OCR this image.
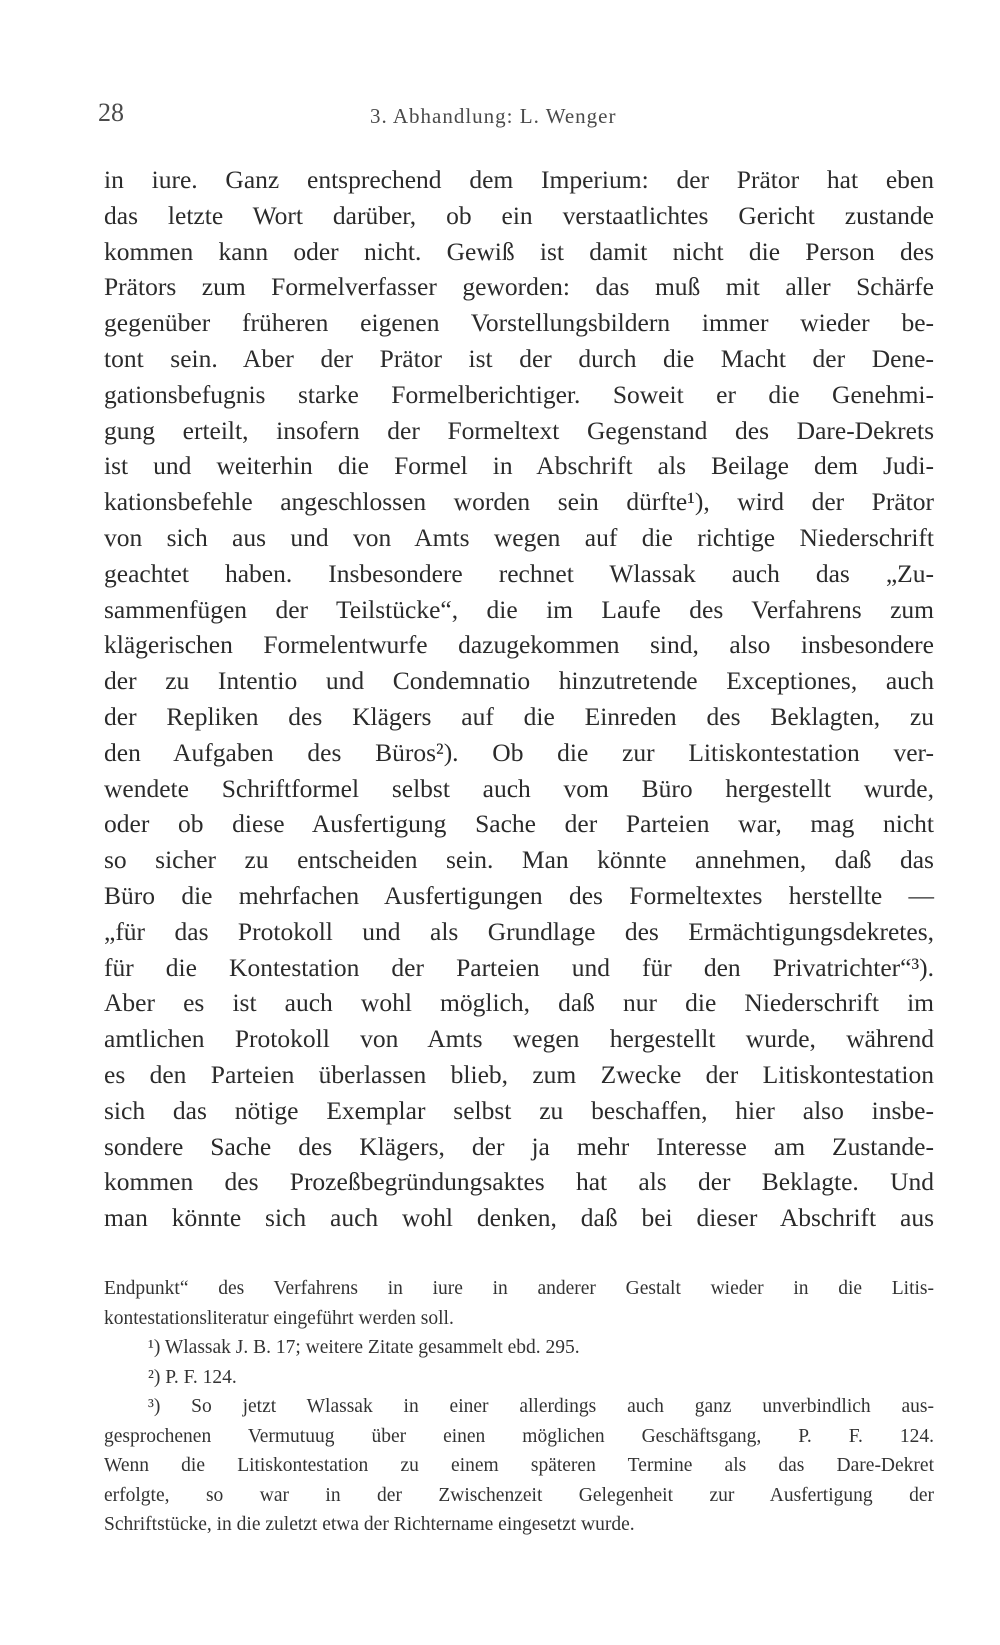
28	3. Abhandlung: L. Wenger
in iure. Ganz entsprechend dem Imperium: der Prätor hat eben
das letzte Wort darüber, ob ein verstaatlichtes Gericht zustande
kommen kann oder nicht. Gewiß ist damit nicht die Person des
Prätors zum Formelverfasser geworden: das muß mit aller Schärfe
gegenüber früheren eigenen Vorstellungsbildern immer wieder be-
tont sein. Aber der Prätor ist der durch die Macht der Dene-
gationsbefugnis starke Formelberichtiger. Soweit er die Genehmi-
gung erteilt, insofern der Formeltext Gegenstand des Dare-Dekrets
ist und weiterhin die Formel in Abschrift als Beilage dem Judi-
kationsbefehle angeschlossen worden sein dürfte¹), wird der Prätor
von sich aus und von Amts wegen auf die richtige Niederschrift
geachtet haben. Insbesondere rechnet Wlassak auch das „Zu-
sammenfügen der Teilstücke“, die im Laufe des Verfahrens zum
klägerischen Formelentwurfe dazugekommen sind, also insbesondere
der zu Intentio und Condemnatio hinzutretende Exceptiones, auch
der Repliken des Klägers auf die Einreden des Beklagten, zu
den Aufgaben des Büros²). Ob die zur Litiskontestation ver-
wendete Schriftformel selbst auch vom Büro hergestellt wurde,
oder ob diese Ausfertigung Sache der Parteien war, mag nicht
so sicher zu entscheiden sein. Man könnte annehmen, daß das
Büro die mehrfachen Ausfertigungen des Formeltextes herstellte —
„für das Protokoll und als Grundlage des Ermächtigungsdekretes,
für die Kontestation der Parteien und für den Privatrichter“³).
Aber es ist auch wohl möglich, daß nur die Niederschrift im
amtlichen Protokoll von Amts wegen hergestellt wurde, während
es den Parteien überlassen blieb, zum Zwecke der Litiskontestation
sich das nötige Exemplar selbst zu beschaffen, hier also insbe-
sondere Sache des Klägers, der ja mehr Interesse am Zustande-
kommen des Prozeßbegründungsaktes hat als der Beklagte. Und
man könnte sich auch wohl denken, daß bei dieser Abschrift aus
Endpunkt“ des Verfahrens in iure in anderer Gestalt wieder in die Litis-
kontestationsliteratur eingeführt werden soll.
¹) Wlassak J. B. 17; weitere Zitate gesammelt ebd. 295.
²) P. F. 124.
³) So jetzt Wlassak in einer allerdings auch ganz unverbindlich aus-
gesprochenen Vermutuug über einen möglichen Geschäftsgang, P. F. 124.
Wenn die Litiskontestation zu einem späteren Termine als das Dare-Dekret
erfolgte, so war in der Zwischenzeit Gelegenheit zur Ausfertigung der
Schriftstücke, in die zuletzt etwa der Richtername eingesetzt wurde.
